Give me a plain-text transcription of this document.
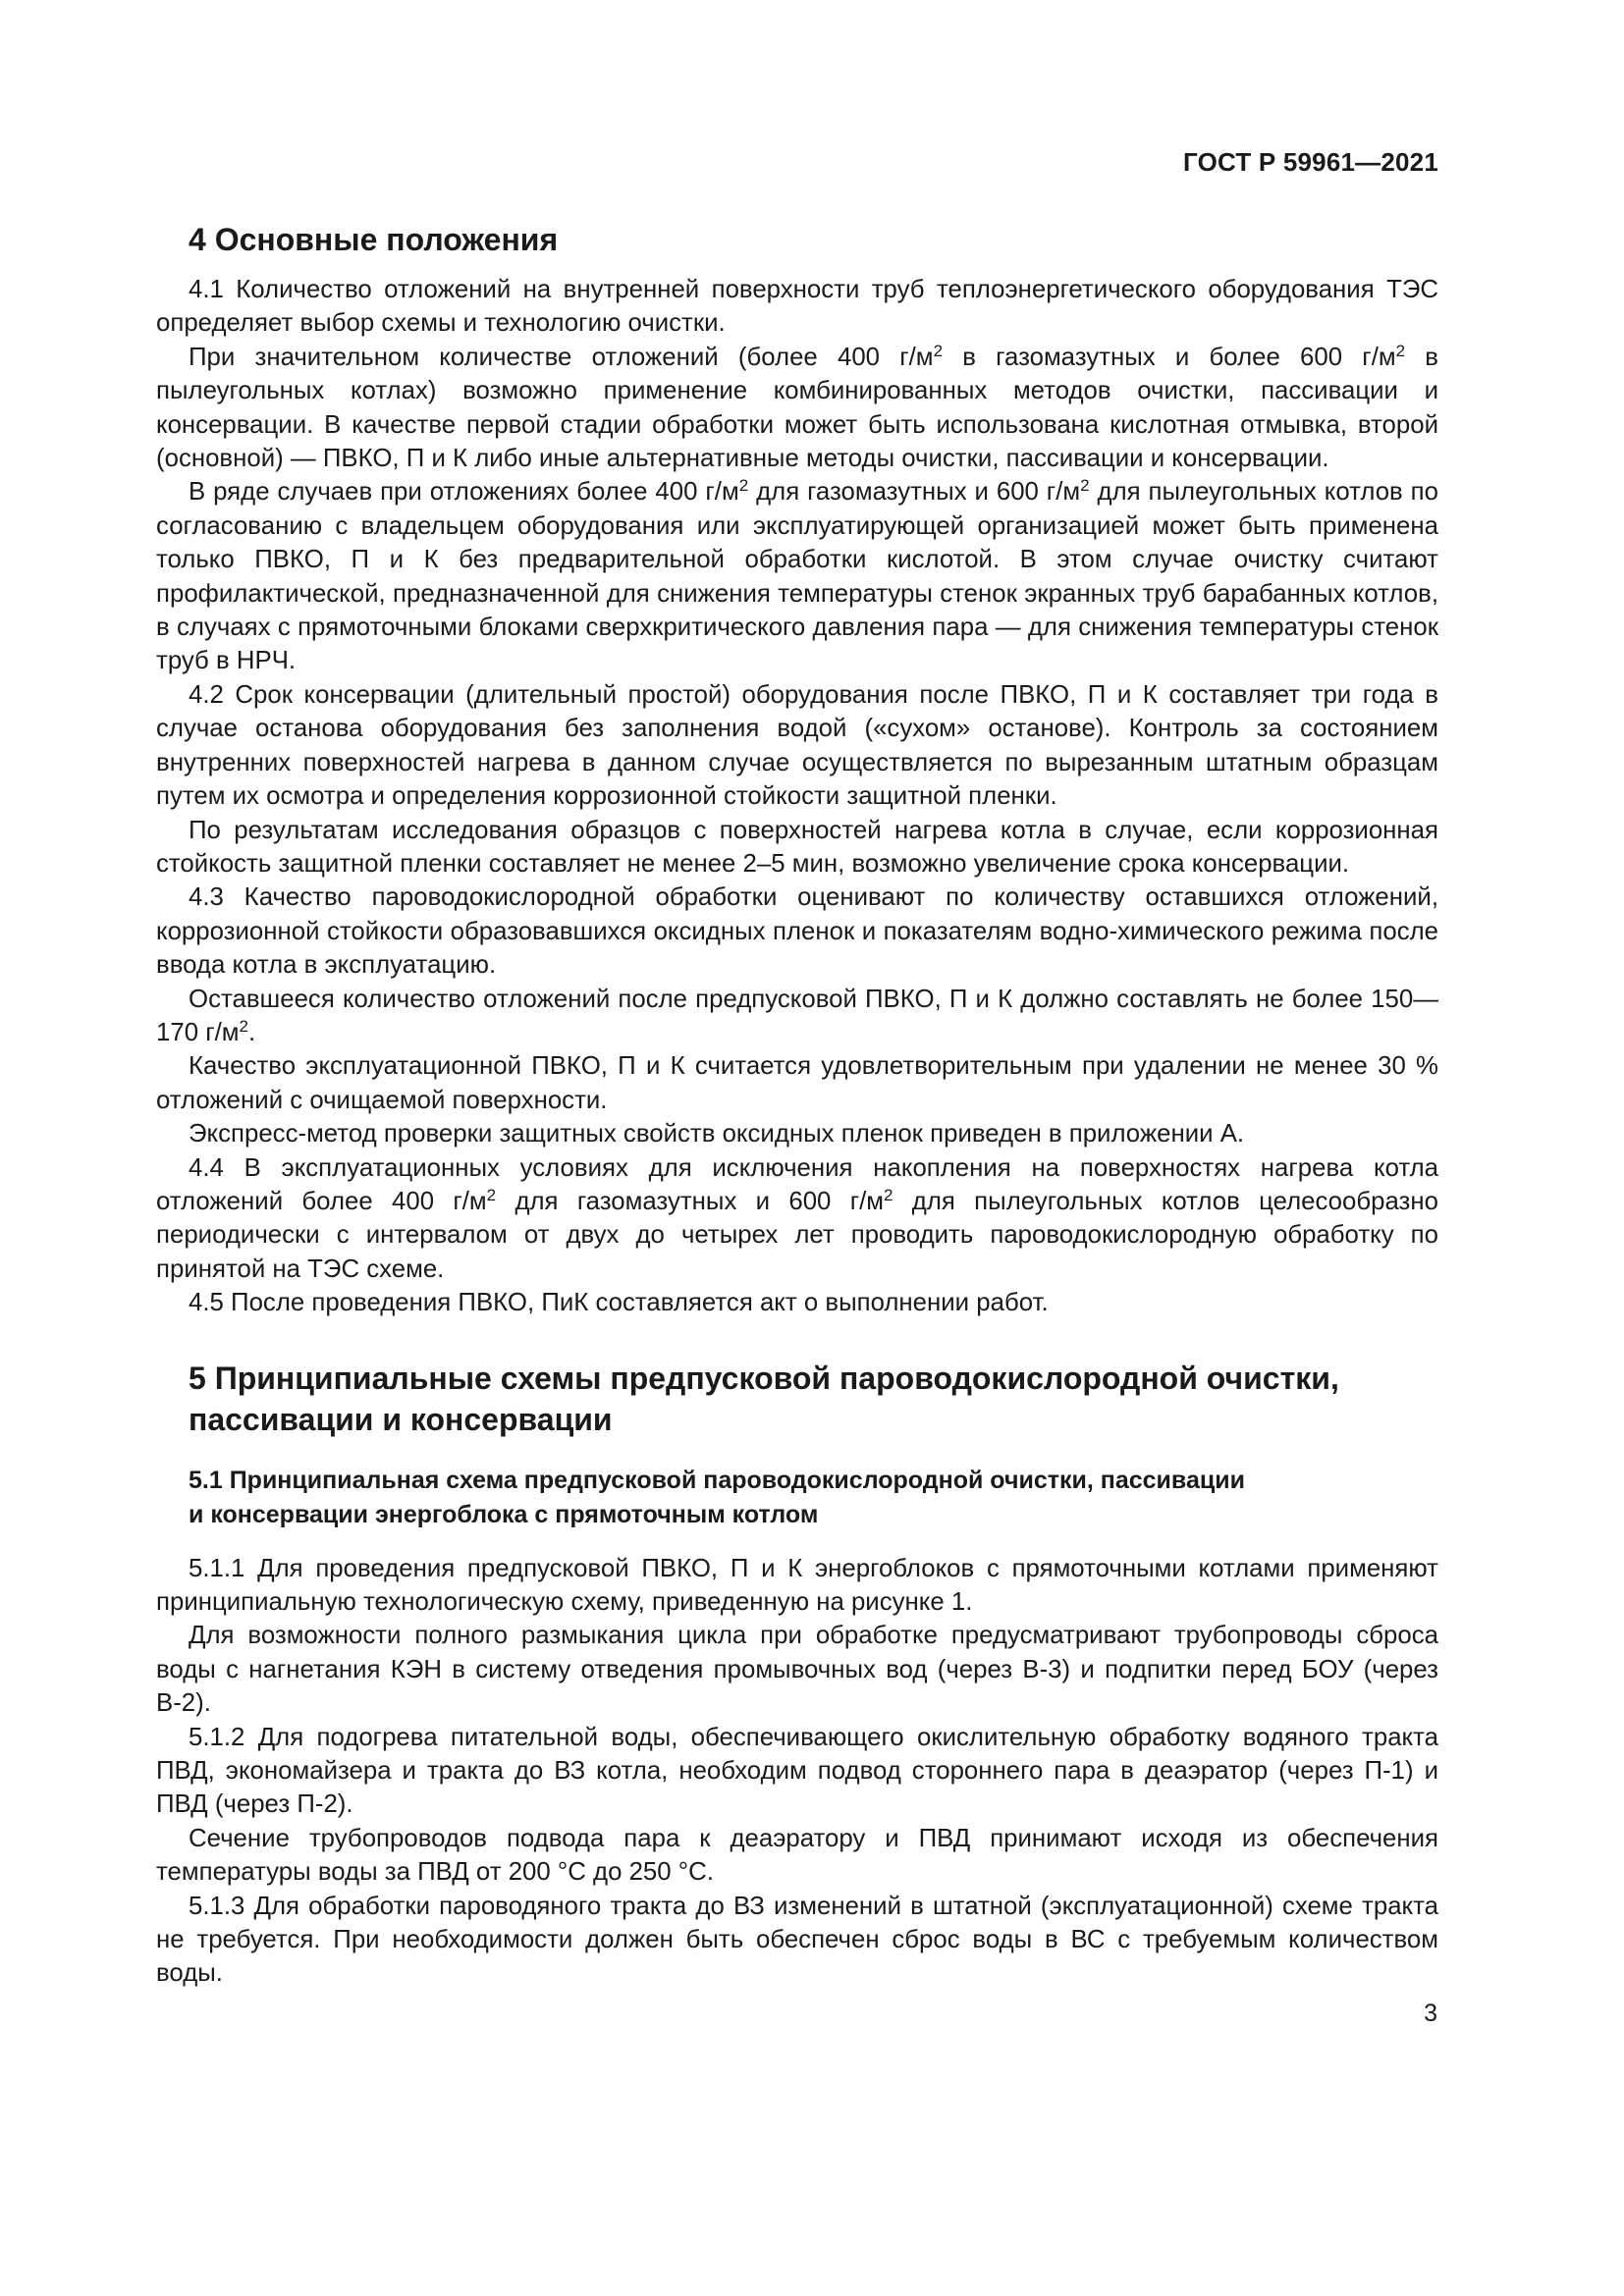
ГОСТ Р 59961—2021
4 Основные положения

4.1 Количество отложений на внутренней поверхности труб теплоэнергетического оборудования ТЭС определяет выбор схемы и технологию очистки.

При значительном количестве отложений (более 400 $г/м^2$ в газомазутных и более 600 $г/м^2$ в пылеугольных котлах) возможно применение комбинированных методов очистки, пассивации и консервации. В качестве первой стадии обработки может быть использована кислотная отмывка, второй (основной) — ПВКО, П и К либо иные альтернативные методы очистки, пассивации и консервации.

В ряде случаев при отложениях более 400 $г/м^2$ для газомазутных и 600 $г/м^2$ для пылеугольных котлов по согласованию с владельцем оборудования или эксплуатирующей организацией может быть применена только ПВКО, П и К без предварительной обработки кислотой. В этом случае очистку считают профилактической, предназначенной для снижения температуры стенок экранных труб барабанных котлов, в случаях с прямоточными блоками сверхкритического давления пара — для снижения температуры стенок труб в НРЧ.

4.2 Срок консервации (длительный простой) оборудования после ПВКО, П и К составляет три года в случае останова оборудования без заполнения водой («сухом» останове). Контроль за состоянием внутренних поверхностей нагрева в данном случае осуществляется по вырезанным штатным образцам путем их осмотра и определения коррозионной стойкости защитной пленки.

По результатам исследования образцов с поверхностей нагрева котла в случае, если коррозионная стойкость защитной пленки составляет не менее 2–5 мин, возможно увеличение срока консервации.

4.3 Качество пароводокислородной обработки оценивают по количеству оставшихся отложений, коррозионной стойкости образовавшихся оксидных пленок и показателям водно-химического режима после ввода котла в эксплуатацию.

Оставшееся количество отложений после предпусковой ПВКО, П и К должно составлять не более 150—170 $г/м^2$.

Качество эксплуатационной ПВКО, П и К считается удовлетворительным при удалении не менее 30 % отложений с очищаемой поверхности.

Экспресс-метод проверки защитных свойств оксидных пленок приведен в приложении А.

4.4 В эксплуатационных условиях для исключения накопления на поверхностях нагрева котла отложений более 400 $г/м^2$ для газомазутных и 600 $г/м^2$ для пылеугольных котлов целесообразно периодически с интервалом от двух до четырех лет проводить пароводокислородную обработку по принятой на ТЭС схеме.

4.5 После проведения ПВКО, ПиК составляется акт о выполнении работ.

5 Принципиальные схемы предпусковой пароводокислородной очистки,
пассивации и консервации
5.1 Принципиальная схема предпусковой пароводокислородной очистки, пассивации
и консервации энергоблока с прямоточным котлом

5.1.1 Для проведения предпусковой ПВКО, П и К энергоблоков с прямоточными котлами применяют принципиальную технологическую схему, приведенную на рисунке 1.

Для возможности полного размыкания цикла при обработке предусматривают трубопроводы сброса воды с нагнетания КЭН в систему отведения промывочных вод (через В-3) и подпитки перед БОУ (через В-2).

5.1.2 Для подогрева питательной воды, обеспечивающего окислительную обработку водяного тракта ПВД, экономайзера и тракта до ВЗ котла, необходим подвод стороннего пара в деаэратор (через П-1) и ПВД (через П-2).

Сечение трубопроводов подвода пара к деаэратору и ПВД принимают исходя из обеспечения температуры воды за ПВД от 200 °С до 250 °С.

5.1.3 Для обработки пароводяного тракта до ВЗ изменений в штатной (эксплуатационной) схеме тракта не требуется. При необходимости должен быть обеспечен сброс воды в ВС с требуемым количеством воды.

3
